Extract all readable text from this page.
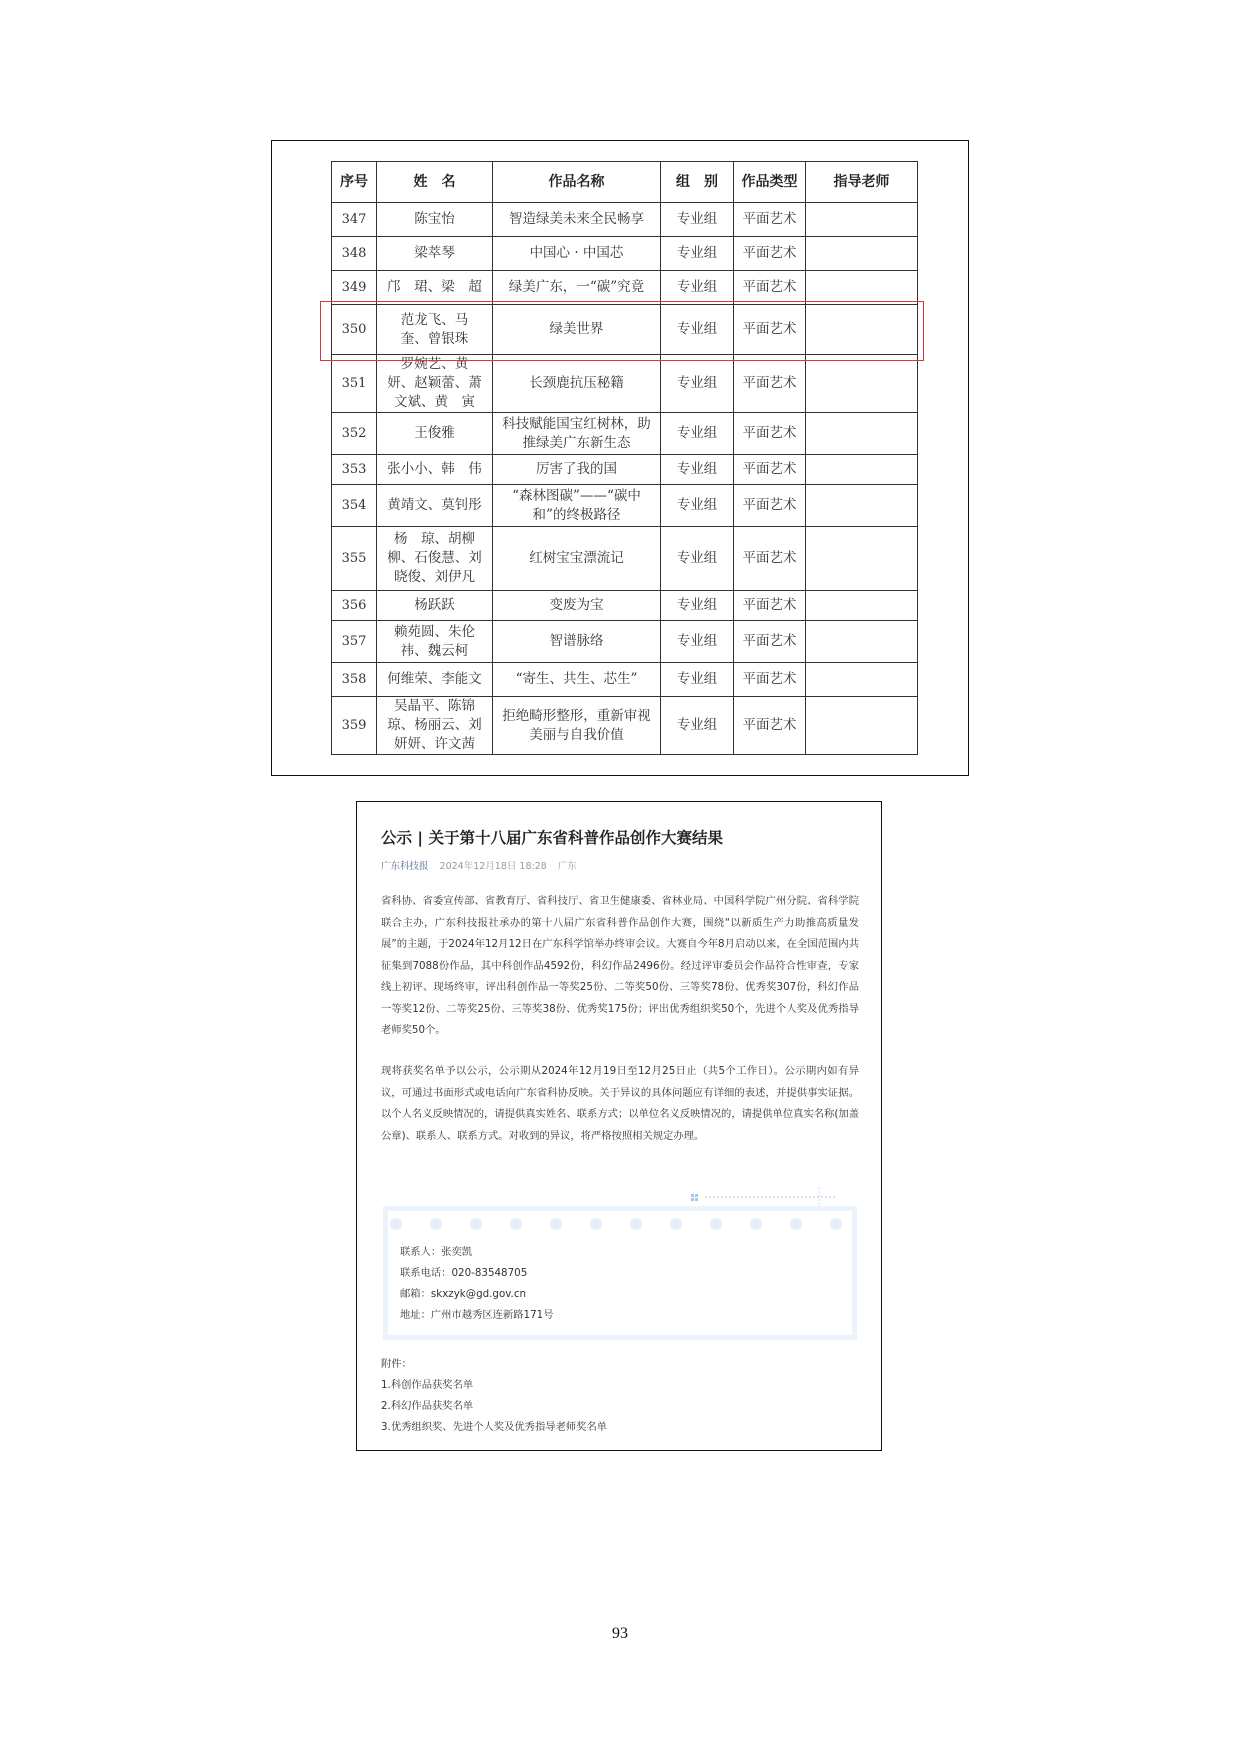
序号	姓　名	作品名称	组　别	作品类型	指导老师
347	陈宝怡	智造绿美未来全民畅享	专业组	平面艺术	
348	梁萃琴	中国心 · 中国芯	专业组	平面艺术	
349	邝　珺、梁　超	绿美广东，一“碳”究竟	专业组	平面艺术	
350	范龙飞、马　奎、曾银珠	绿美世界	专业组	平面艺术	
351	罗婉艺、黄　妍、赵颖蕾、萧文斌、黄　寅	长颈鹿抗压秘籍	专业组	平面艺术	
352	王俊雅	科技赋能国宝红树林，助推绿美广东新生态	专业组	平面艺术	
353	张小小、韩　伟	厉害了我的国	专业组	平面艺术	
354	黄靖文、莫钊彤	“森林图碳”——“碳中和”的终极路径	专业组	平面艺术	
355	杨　琼、胡柳柳、石俊慧、刘晓俊、刘伊凡	红树宝宝漂流记	专业组	平面艺术	
356	杨跃跃	变废为宝	专业组	平面艺术	
357	赖苑圆、朱伦祎、魏云柯	智谱脉络	专业组	平面艺术	
358	何维荣、李能文	“寄生、共生、芯生”	专业组	平面艺术	
359	吴晶平、陈锦琼、杨丽云、刘妍妍、许文茜	拒绝畸形整形，重新审视美丽与自我价值	专业组	平面艺术	
公示 | 关于第十八届广东省科普作品创作大赛结果
广东科技报 2024年12月18日 18:28 广东
省科协、省委宣传部、省教育厅、省科技厅、省卫生健康委、省林业局、中国科学院广州分院、省科学院联合主办，广东科技报社承办的第十八届广东省科普作品创作大赛，围绕“以新质生产力助推高质量发展”的主题，于2024年12月12日在广东科学馆举办终审会议。大赛自今年8月启动以来，在全国范围内共征集到7088份作品，其中科创作品4592份，科幻作品2496份。经过评审委员会作品符合性审查，专家线上初评、现场终审，评出科创作品一等奖25份、二等奖50份、三等奖78份、优秀奖307份，科幻作品一等奖12份、二等奖25份、三等奖38份、优秀奖175份；评出优秀组织奖50个，先进个人奖及优秀指导老师奖50个。
现将获奖名单予以公示，公示期从2024年12月19日至12月25日止（共5个工作日）。公示期内如有异议，可通过书面形式或电话向广东省科协反映。关于异议的具体问题应有详细的表述，并提供事实证据。以个人名义反映情况的，请提供真实姓名、联系方式；以单位名义反映情况的，请提供单位真实名称(加盖公章)、联系人、联系方式。对收到的异议，将严格按照相关规定办理。
联系人：张奕凯
联系电话：020-83548705
邮箱：skxzyk@gd.gov.cn
地址：广州市越秀区连新路171号
附件：
1.科创作品获奖名单
2.科幻作品获奖名单
3.优秀组织奖、先进个人奖及优秀指导老师奖名单
93
